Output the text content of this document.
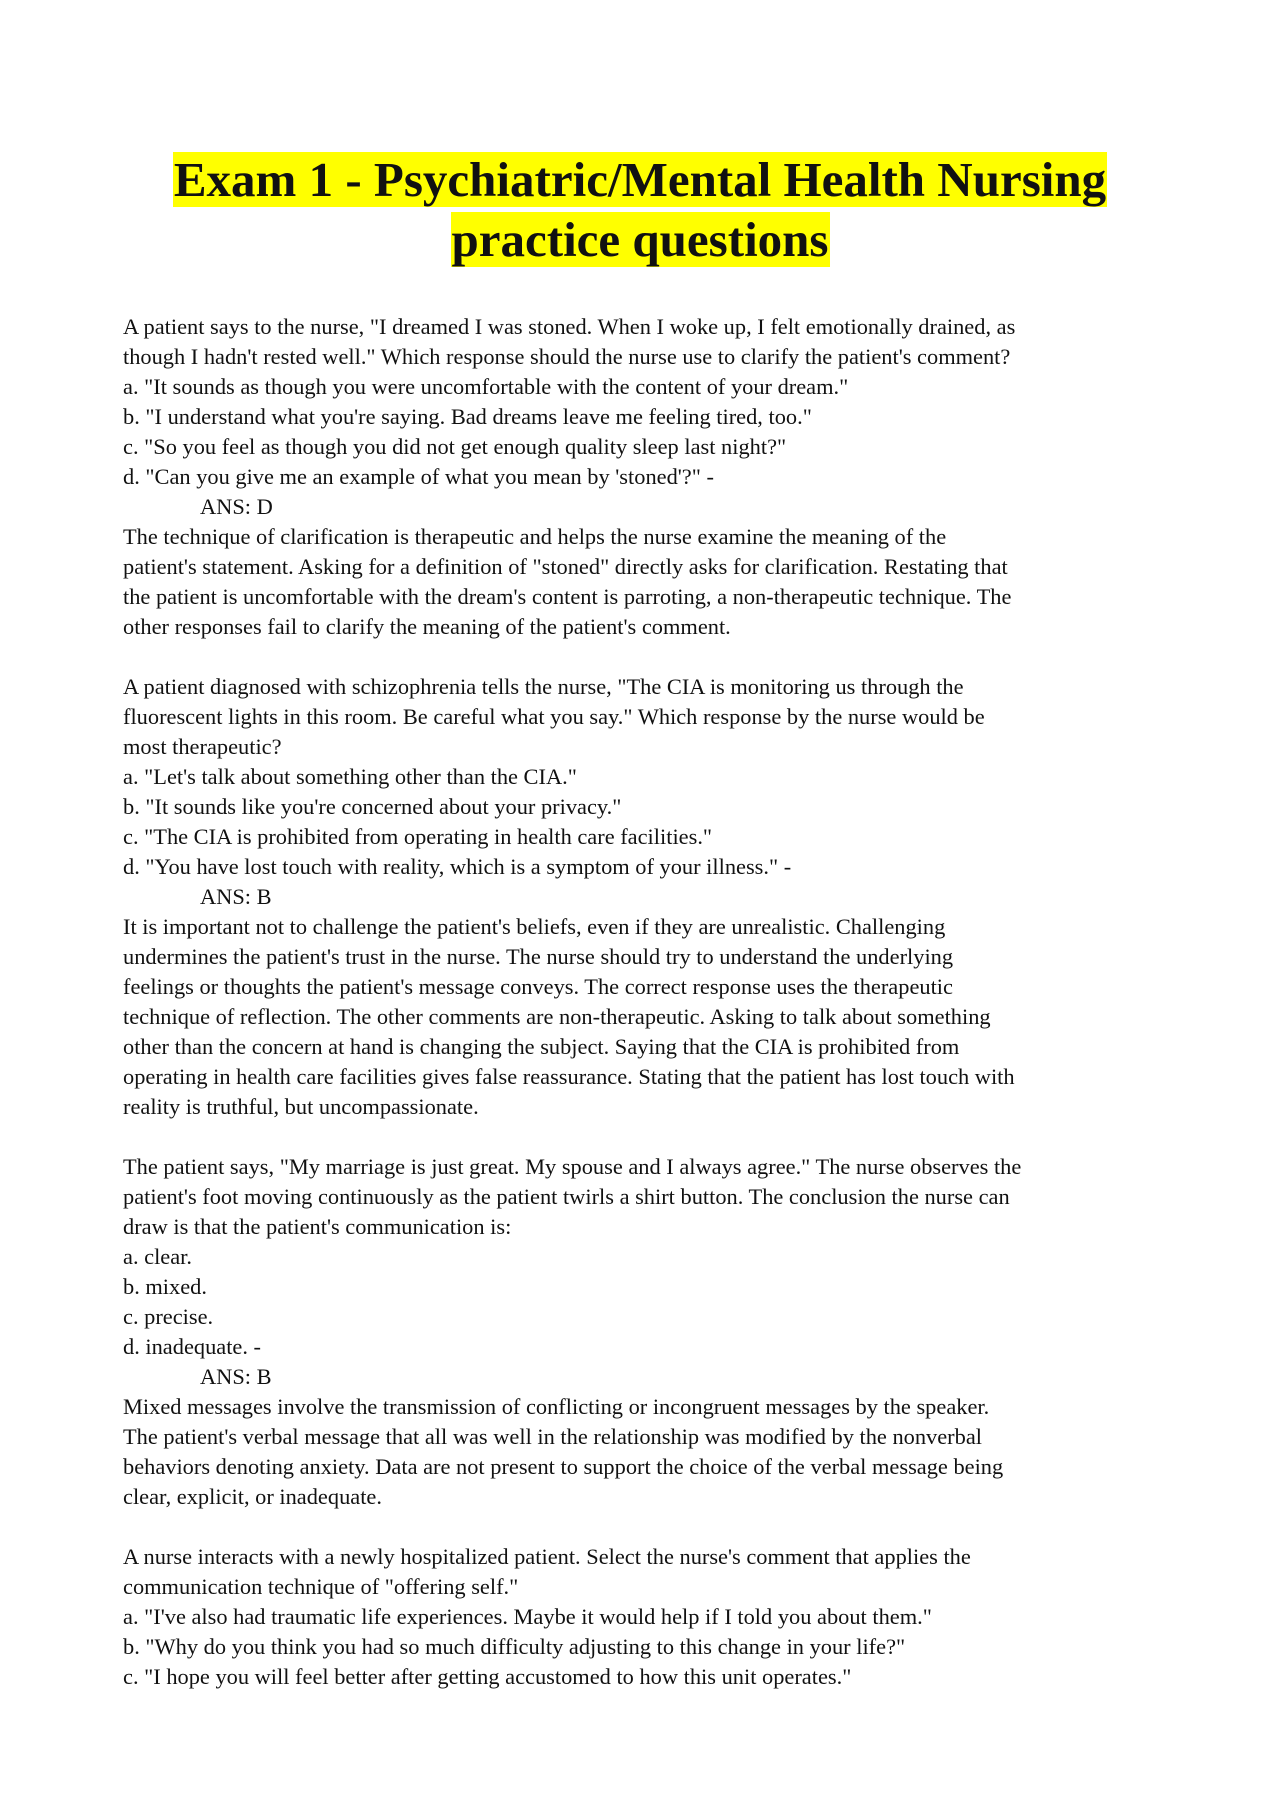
Exam 1 - Psychiatric/Mental Health Nursing
practice questions
A patient says to the nurse, "I dreamed I was stoned. When I woke up, I felt emotionally drained, as
though I hadn't rested well." Which response should the nurse use to clarify the patient's comment?
a. "It sounds as though you were uncomfortable with the content of your dream."
b. "I understand what you're saying. Bad dreams leave me feeling tired, too."
c. "So you feel as though you did not get enough quality sleep last night?"
d. "Can you give me an example of what you mean by 'stoned'?" -
ANS: D
The technique of clarification is therapeutic and helps the nurse examine the meaning of the
patient's statement. Asking for a definition of "stoned" directly asks for clarification. Restating that
the patient is uncomfortable with the dream's content is parroting, a non-therapeutic technique. The
other responses fail to clarify the meaning of the patient's comment.
A patient diagnosed with schizophrenia tells the nurse, "The CIA is monitoring us through the
fluorescent lights in this room. Be careful what you say." Which response by the nurse would be
most therapeutic?
a. "Let's talk about something other than the CIA."
b. "It sounds like you're concerned about your privacy."
c. "The CIA is prohibited from operating in health care facilities."
d. "You have lost touch with reality, which is a symptom of your illness." -
ANS: B
It is important not to challenge the patient's beliefs, even if they are unrealistic. Challenging
undermines the patient's trust in the nurse. The nurse should try to understand the underlying
feelings or thoughts the patient's message conveys. The correct response uses the therapeutic
technique of reflection. The other comments are non-therapeutic. Asking to talk about something
other than the concern at hand is changing the subject. Saying that the CIA is prohibited from
operating in health care facilities gives false reassurance. Stating that the patient has lost touch with
reality is truthful, but uncompassionate.
The patient says, "My marriage is just great. My spouse and I always agree." The nurse observes the
patient's foot moving continuously as the patient twirls a shirt button. The conclusion the nurse can
draw is that the patient's communication is:
a. clear.
b. mixed.
c. precise.
d. inadequate. -
ANS: B
Mixed messages involve the transmission of conflicting or incongruent messages by the speaker.
The patient's verbal message that all was well in the relationship was modified by the nonverbal
behaviors denoting anxiety. Data are not present to support the choice of the verbal message being
clear, explicit, or inadequate.
A nurse interacts with a newly hospitalized patient. Select the nurse's comment that applies the
communication technique of "offering self."
a. "I've also had traumatic life experiences. Maybe it would help if I told you about them."
b. "Why do you think you had so much difficulty adjusting to this change in your life?"
c. "I hope you will feel better after getting accustomed to how this unit operates."
